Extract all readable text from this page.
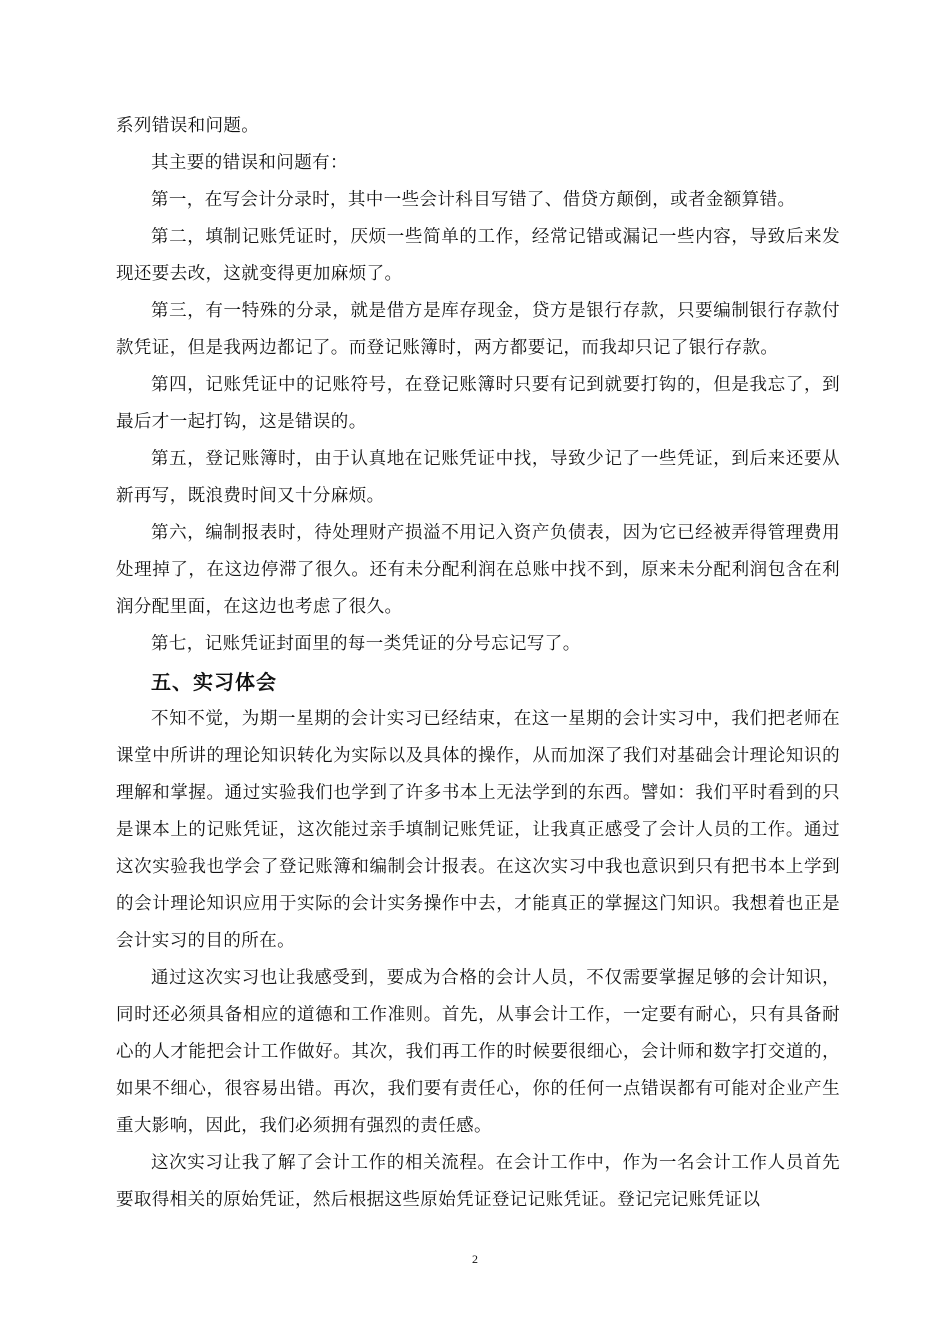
系列错误和问题。

其主要的错误和问题有：

第一，在写会计分录时，其中一些会计科目写错了、借贷方颠倒，或者金额算错。

第二，填制记账凭证时，厌烦一些简单的工作，经常记错或漏记一些内容，导致后来发现还要去改，这就变得更加麻烦了。

第三，有一特殊的分录，就是借方是库存现金，贷方是银行存款，只要编制银行存款付款凭证，但是我两边都记了。而登记账簿时，两方都要记，而我却只记了银行存款。

第四，记账凭证中的记账符号，在登记账簿时只要有记到就要打钩的，但是我忘了，到最后才一起打钩，这是错误的。

第五，登记账簿时，由于认真地在记账凭证中找，导致少记了一些凭证，到后来还要从新再写，既浪费时间又十分麻烦。

第六，编制报表时，待处理财产损溢不用记入资产负债表，因为它已经被弄得管理费用处理掉了，在这边停滞了很久。还有未分配利润在总账中找不到，原来未分配利润包含在利润分配里面，在这边也考虑了很久。

第七，记账凭证封面里的每一类凭证的分号忘记写了。

五、实习体会

不知不觉，为期一星期的会计实习已经结束，在这一星期的会计实习中，我们把老师在课堂中所讲的理论知识转化为实际以及具体的操作，从而加深了我们对基础会计理论知识的理解和掌握。通过实验我们也学到了许多书本上无法学到的东西。譬如：我们平时看到的只是课本上的记账凭证，这次能过亲手填制记账凭证，让我真正感受了会计人员的工作。通过这次实验我也学会了登记账簿和编制会计报表。在这次实习中我也意识到只有把书本上学到的会计理论知识应用于实际的会计实务操作中去，才能真正的掌握这门知识。我想着也正是会计实习的目的所在。

通过这次实习也让我感受到，要成为合格的会计人员，不仅需要掌握足够的会计知识，同时还必须具备相应的道德和工作准则。首先，从事会计工作，一定要有耐心，只有具备耐心的人才能把会计工作做好。其次，我们再工作的时候要很细心，会计师和数字打交道的，如果不细心，很容易出错。再次，我们要有责任心，你的任何一点错误都有可能对企业产生重大影响，因此，我们必须拥有强烈的责任感。

这次实习让我了解了会计工作的相关流程。在会计工作中，作为一名会计工作人员首先要取得相关的原始凭证，然后根据这些原始凭证登记记账凭证。登记完记账凭证以

2
